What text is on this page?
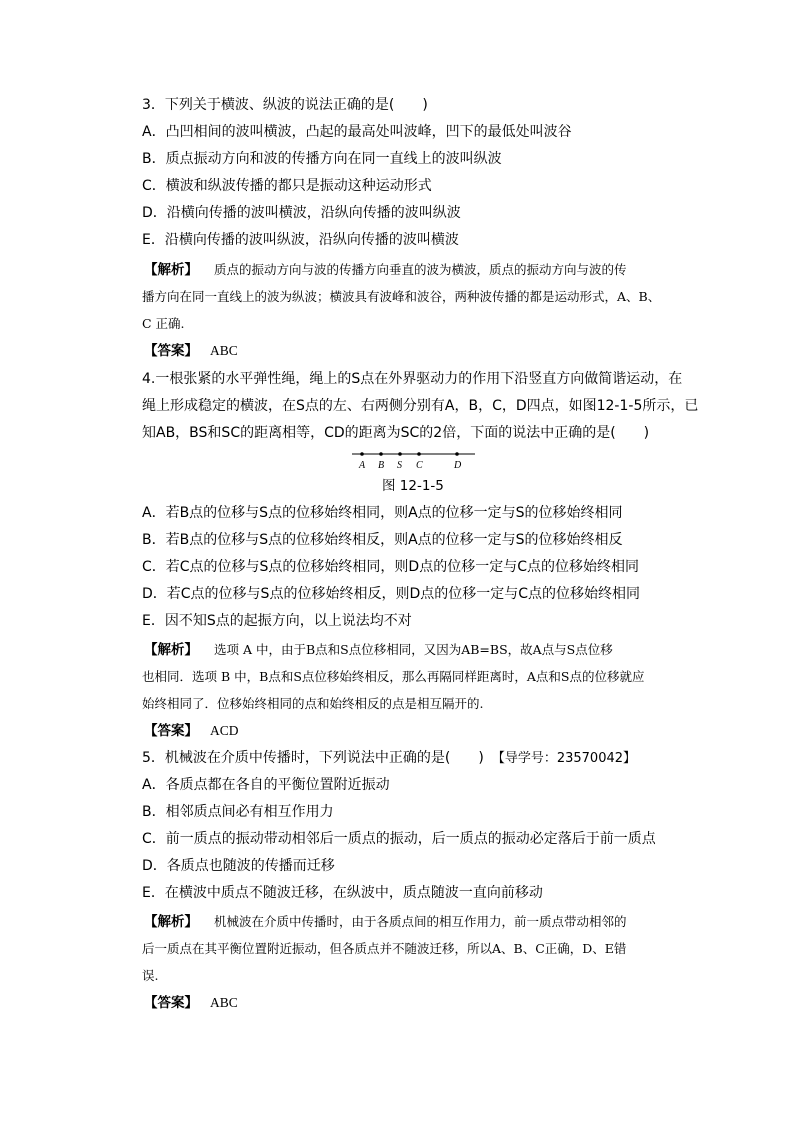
3．下列关于横波、纵波的说法正确的是(　　)
A．凸凹相间的波叫横波，凸起的最高处叫波峰，凹下的最低处叫波谷
B．质点振动方向和波的传播方向在同一直线上的波叫纵波
C．横波和纵波传播的都只是振动这种运动形式
D．沿横向传播的波叫横波，沿纵向传播的波叫纵波
E．沿横向传播的波叫纵波，沿纵向传播的波叫横波
【解析】 质点的振动方向与波的传播方向垂直的波为横波，质点的振动方向与波的传
播方向在同一直线上的波为纵波；横波具有波峰和波谷，两种波传播的都是运动形式，A、B、
C 正确.
【答案】 ABC
4.一根张紧的水平弹性绳，绳上的S点在外界驱动力的作用下沿竖直方向做简谐运动，在
绳上形成稳定的横波，在S点的左、右两侧分别有A，B，C，D四点，如图12-1-5所示，已
知AB，BS和SC的距离相等，CD的距离为SC的2倍，下面的说法中正确的是(　　)
A B S C	D
图 12-1-5
A．若B点的位移与S点的位移始终相同，则A点的位移一定与S的位移始终相同
B．若B点的位移与S点的位移始终相反，则A点的位移一定与S的位移始终相反
C．若C点的位移与S点的位移始终相同，则D点的位移一定与C点的位移始终相同
D．若C点的位移与S点的位移始终相反，则D点的位移一定与C点的位移始终相同
E．因不知S点的起振方向，以上说法均不对
【解析】 选项 A 中，由于B点和S点位移相同，又因为AB=BS，故A点与S点位移
也相同．选项 B 中，B点和S点位移始终相反，那么再隔同样距离时，A点和S点的位移就应
始终相同了．位移始终相同的点和始终相反的点是相互隔开的.
【答案】 ACD
5．机械波在介质中传播时，下列说法中正确的是(　　) 【导学号：23570042】
A．各质点都在各自的平衡位置附近振动
B．相邻质点间必有相互作用力
C．前一质点的振动带动相邻后一质点的振动，后一质点的振动必定落后于前一质点
D．各质点也随波的传播而迁移
E．在横波中质点不随波迁移，在纵波中，质点随波一直向前移动
【解析】 机械波在介质中传播时，由于各质点间的相互作用力，前一质点带动相邻的
后一质点在其平衡位置附近振动，但各质点并不随波迁移，所以A、B、C正确，D、E错
误.
【答案】 ABC
